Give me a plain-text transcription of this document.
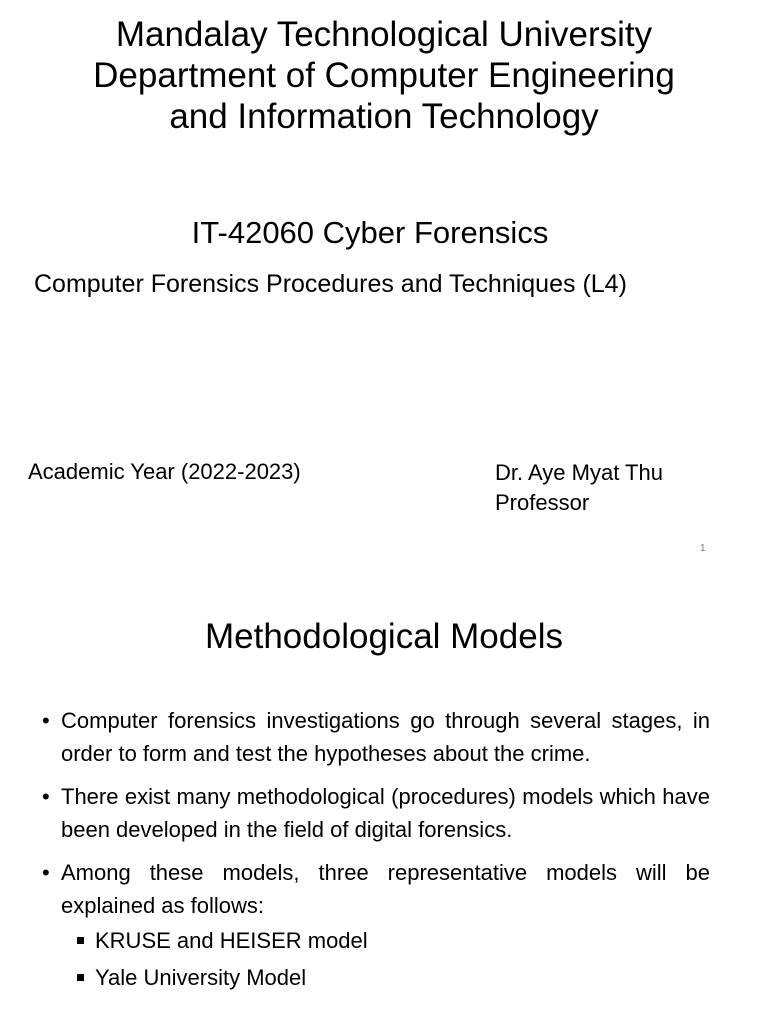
Mandalay Technological University
Department of Computer Engineering
and Information Technology
IT-42060 Cyber Forensics
Computer Forensics Procedures and Techniques (L4)
Academic Year (2022-2023)	Dr. Aye Myat Thu
Professor
1
Methodological Models
• Computer forensics investigations go through several stages, in order to form and test the hypotheses about the crime.
• There exist many methodological (procedures) models which have been developed in the field of digital forensics.
• Among these models, three representative models will be explained as follows:
KRUSE and HEISER model
Yale University Model
